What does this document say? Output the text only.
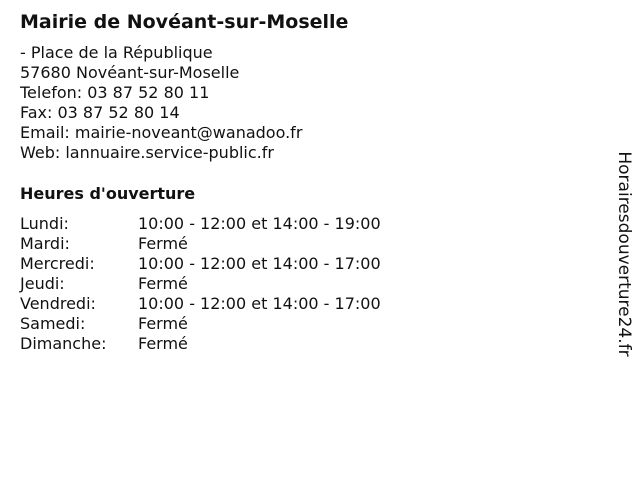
Mairie de Novéant-sur-Moselle
- Place de la République
57680 Novéant-sur-Moselle
Telefon: 03 87 52 80 11
Fax: 03 87 52 80 14
Email: mairie-noveant@wanadoo.fr
Web: lannuaire.service-public.fr
Heures d'ouverture
Lundi:	10:00 - 12:00 et 14:00 - 19:00
Mardi:	Fermé
Mercredi:	10:00 - 12:00 et 14:00 - 17:00
Jeudi:	Fermé
Vendredi:	10:00 - 12:00 et 14:00 - 17:00
Samedi:	Fermé
Dimanche: Fermé	Horairesdouverture24.fr
